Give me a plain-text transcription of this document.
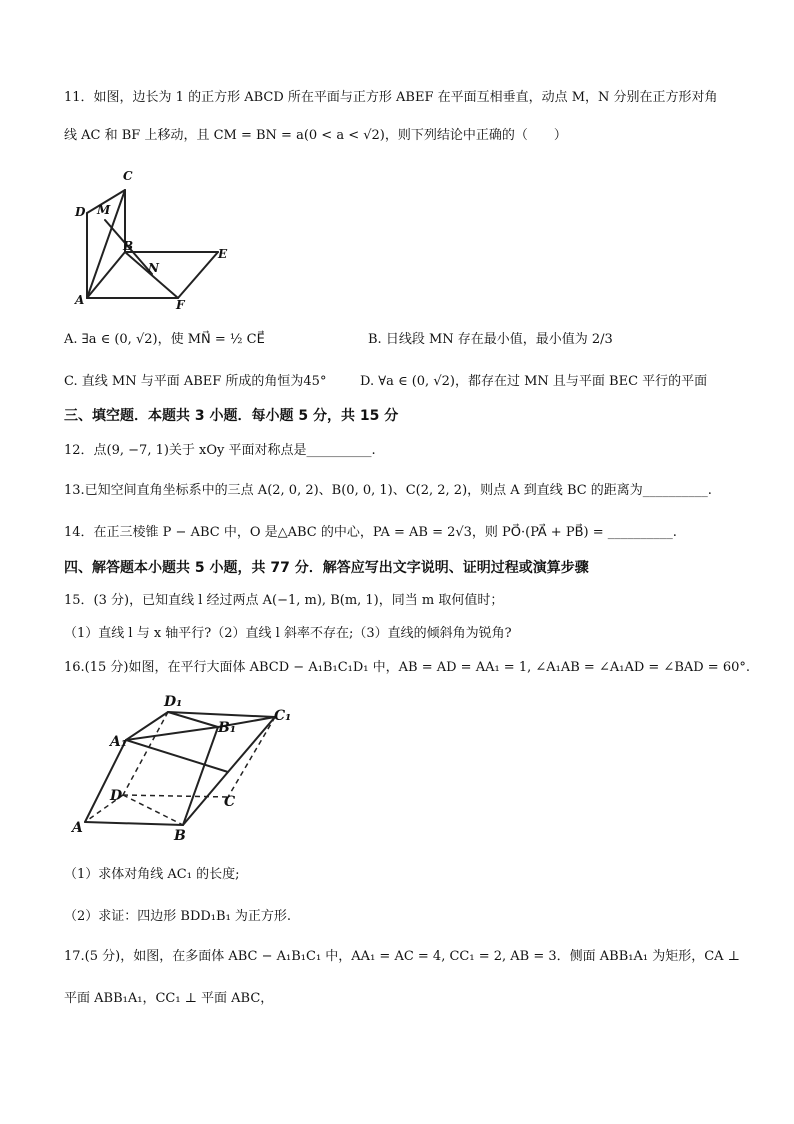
11．如图，边长为 1 的正方形 ABCD 所在平面与正方形 ABEF 在平面互相垂直，动点 M，N 分别在正方形对角
线 AC 和 BF 上移动，且 CM = BN = a(0 < a < √2)，则下列结论中正确的（　　）
C
D M
B
E
N
A	F
A. ∃a ∈ (0, √2)，使 MN⃗ = ½ CE⃗	B. 日线段 MN 存在最小值，最小值为 2/3
C. 直线 MN 与平面 ABEF 所成的角恒为45°	D. ∀a ∈ (0, √2)，都存在过 MN 且与平面 BEC 平行的平面
三、填空题．本题共 3 小题．每小题 5 分，共 15 分
12．点(9, −7, 1)关于 xOy 平面对称点是__________.
13.已知空间直角坐标系中的三点 A(2, 0, 2)、B(0, 0, 1)、C(2, 2, 2)，则点 A 到直线 BC 的距离为__________.
14．在正三棱锥 P − ABC 中，O 是△ABC 的中心，PA = AB = 2√3，则 PO⃗·(PA⃗ + PB⃗) = __________.
四、解答题本小题共 5 小题，共 77 分．解答应写出文字说明、证明过程或演算步骤
15．(3 分)，已知直线 l 经过两点 A(−1, m), B(m, 1)，同当 m 取何值时；
（1）直线 l 与 x 轴平行?（2）直线 l 斜率不存在;（3）直线的倾斜角为锐角?
16.(15 分)如图，在平行大面体 ABCD − A₁B₁C₁D₁ 中，AB = AD = AA₁ = 1, ∠A₁AB = ∠A₁AD = ∠BAD = 60°.
D₁
C₁
B₁
A₁
D	C
A	B
（1）求体对角线 AC₁ 的长度;
（2）求证：四边形 BDD₁B₁ 为正方形.
17.(5 分)，如图，在多面体 ABC − A₁B₁C₁ 中，AA₁ = AC = 4, CC₁ = 2, AB = 3．侧面 ABB₁A₁ 为矩形，CA ⊥
平面 ABB₁A₁，CC₁ ⊥ 平面 ABC，
